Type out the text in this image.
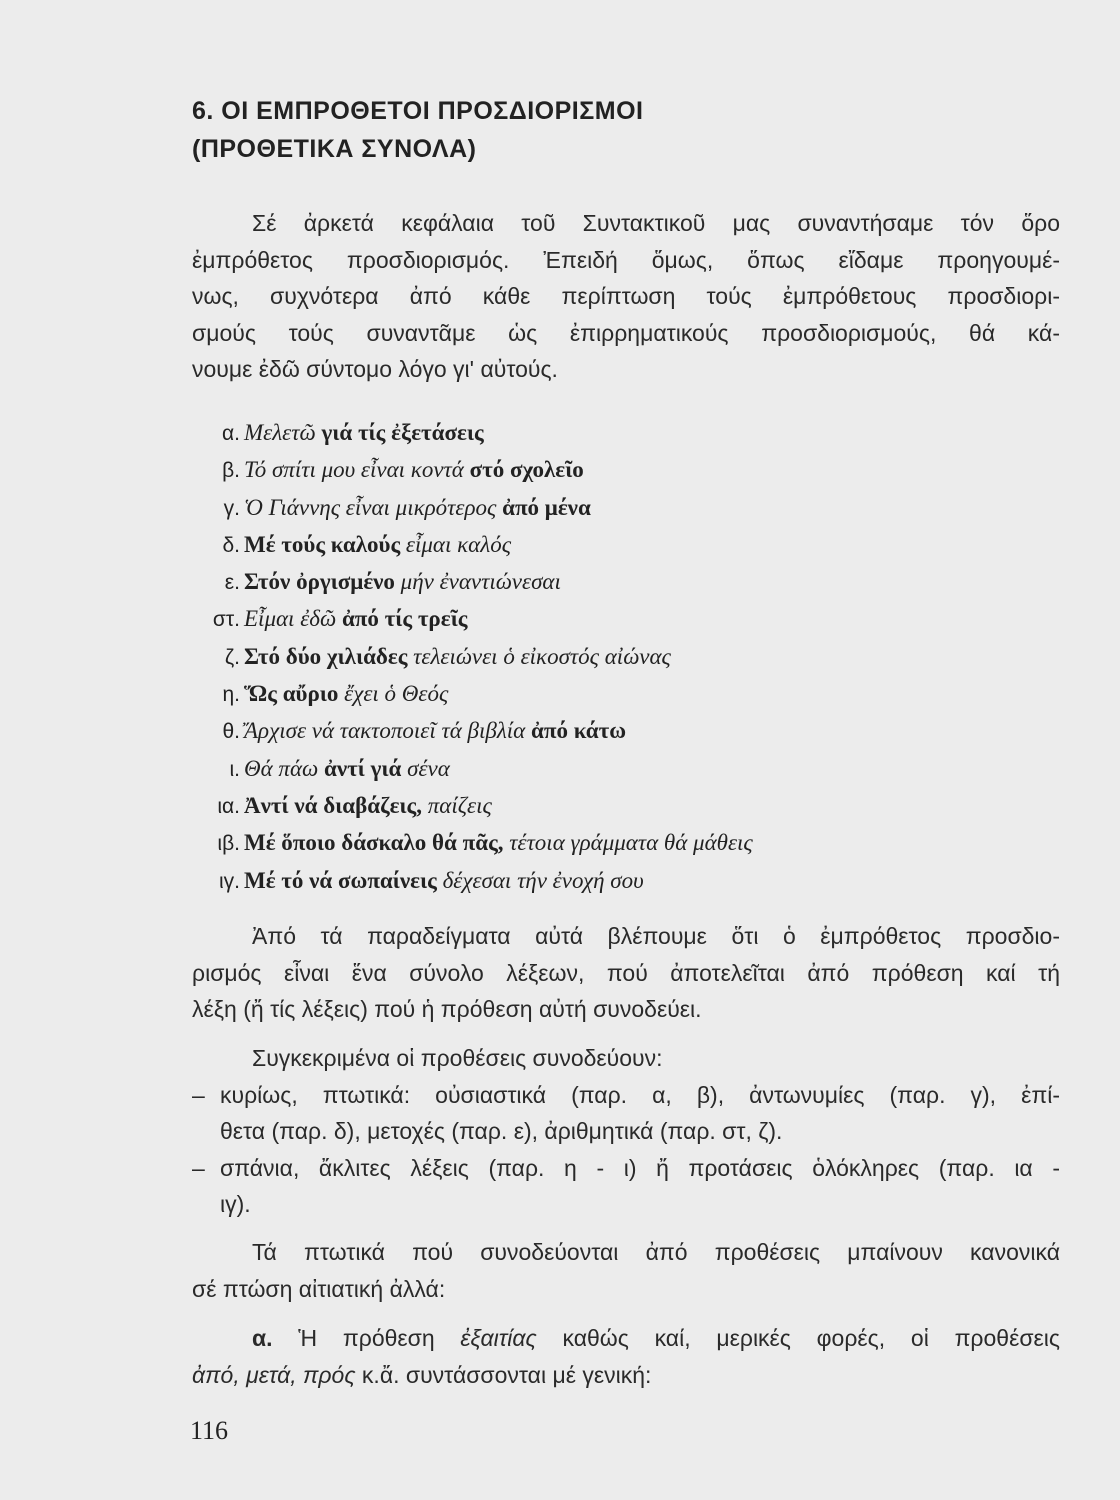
6. ΟΙ ΕΜΠΡΟΘΕΤΟΙ ΠΡΟΣΔΙΟΡΙΣΜΟΙ
(ΠΡΟΘΕΤΙΚΑ ΣΥΝΟΛΑ)
Σέ ἀρκετά κεφάλαια τοῦ Συντακτικοῦ μας συναντήσαμε τόν ὅρο
ἐμπρόθετος προσδιορισμός. Ἐπειδή ὅμως, ὅπως εἴδαμε προηγουμέ-
νως, συχνότερα ἀπό κάθε περίπτωση τούς ἐμπρόθετους προσδιορι-
σμούς τούς συναντᾶμε ὡς ἐπιρρηματικούς προσδιορισμούς, θά κά-
νουμε ἐδῶ σύντομο λόγο γι' αὐτούς.
α. Μελετῶ γιά τίς ἐξετάσεις
β. Τό σπίτι μου εἶναι κοντά στό σχολεῖο
γ. Ὁ Γιάννης εἶναι μικρότερος ἀπό μένα
δ. Μέ τούς καλούς εἶμαι καλός
ε. Στόν ὀργισμένο μήν ἐναντιώνεσαι
στ. Εἶμαι ἐδῶ ἀπό τίς τρεῖς
ζ. Στό δύο χιλιάδες τελειώνει ὁ εἰκοστός αἰώνας
η. Ὥς αὔριο ἔχει ὁ Θεός
θ. Ἄρχισε νά τακτοποιεῖ τά βιβλία ἀπό κάτω
ι. Θά πάω ἀντί γιά σένα
ια. Ἀντί νά διαβάζεις, παίζεις
ιβ. Μέ ὅποιο δάσκαλο θά πᾶς, τέτοια γράμματα θά μάθεις
ιγ. Μέ τό νά σωπαίνεις δέχεσαι τήν ἐνοχή σου
Ἀπό τά παραδείγματα αὐτά βλέπουμε ὅτι ὁ ἐμπρόθετος προσδιο-
ρισμός εἶναι ἕνα σύνολο λέξεων, πού ἀποτελεῖται ἀπό πρόθεση καί τή
λέξη (ἤ τίς λέξεις) πού ἡ πρόθεση αὐτή συνοδεύει.
Συγκεκριμένα οἱ προθέσεις συνοδεύουν:
– κυρίως, πτωτικά: οὐσιαστικά (παρ. α, β), ἀντωνυμίες (παρ. γ), ἐπί-
θετα (παρ. δ), μετοχές (παρ. ε), ἀριθμητικά (παρ. στ, ζ).
– σπάνια, ἄκλιτες λέξεις (παρ. η - ι) ἤ προτάσεις ὁλόκληρες (παρ. ια -
ιγ).
Τά πτωτικά πού συνοδεύονται ἀπό προθέσεις μπαίνουν κανονικά
σέ πτώση αἰτιατική ἀλλά:
α. Ἡ πρόθεση ἐξαιτίας καθώς καί, μερικές φορές, οἱ προθέσεις
ἀπό, μετά, πρός κ.ἄ. συντάσσονται μέ γενική:
116
